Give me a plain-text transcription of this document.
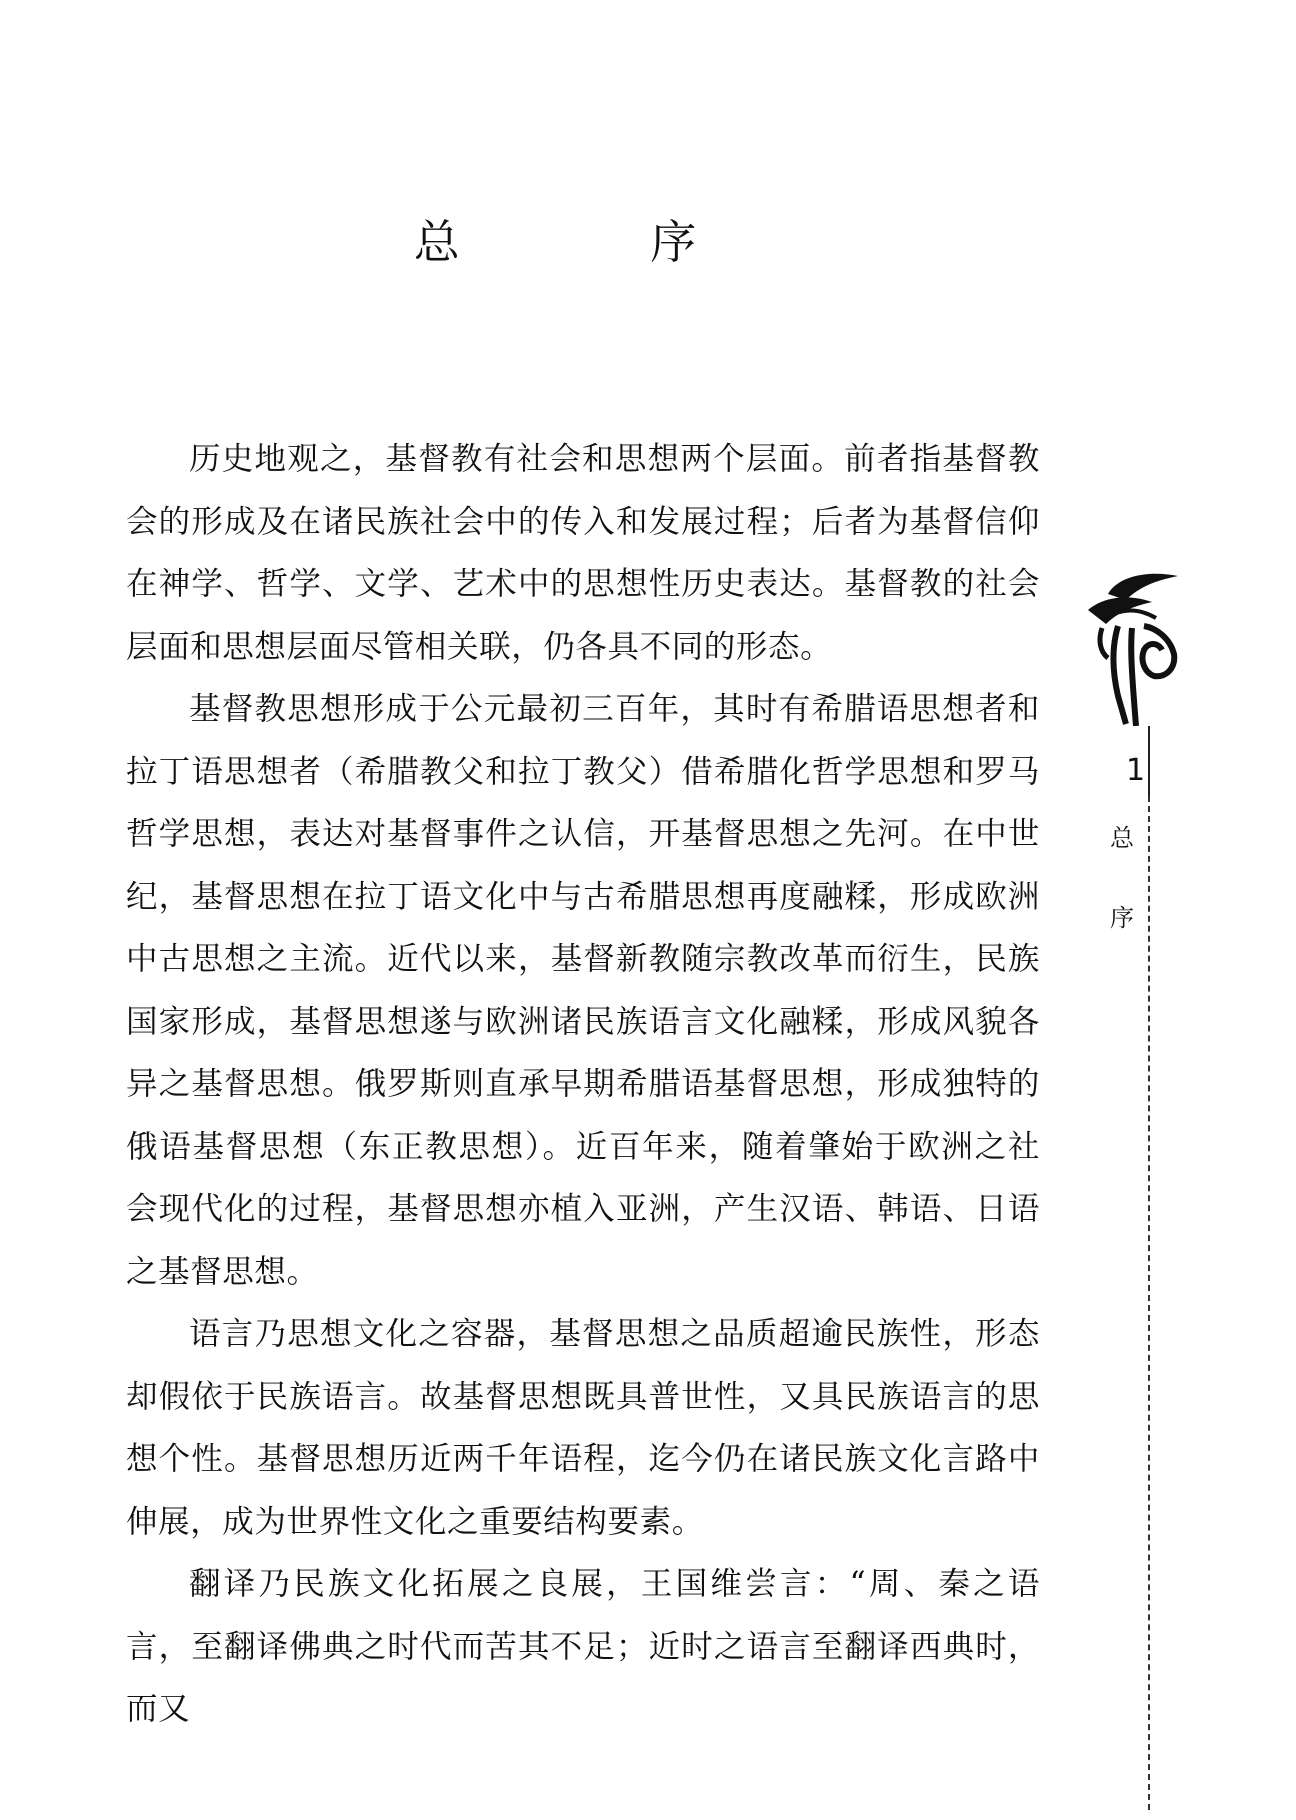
总 序

历史地观之，基督教有社会和思想两个层面。前者指基督教会的形成及在诸民族社会中的传入和发展过程；后者为基督信仰在神学、哲学、文学、艺术中的思想性历史表达。基督教的社会层面和思想层面尽管相关联，仍各具不同的形态。

基督教思想形成于公元最初三百年，其时有希腊语思想者和拉丁语思想者（希腊教父和拉丁教父）借希腊化哲学思想和罗马哲学思想，表达对基督事件之认信，开基督思想之先河。在中世纪，基督思想在拉丁语文化中与古希腊思想再度融糅，形成欧洲中古思想之主流。近代以来，基督新教随宗教改革而衍生，民族国家形成，基督思想遂与欧洲诸民族语言文化融糅，形成风貌各异之基督思想。俄罗斯则直承早期希腊语基督思想，形成独特的俄语基督思想（东正教思想）。近百年来，随着肇始于欧洲之社会现代化的过程，基督思想亦植入亚洲，产生汉语、韩语、日语之基督思想。

语言乃思想文化之容器，基督思想之品质超逾民族性，形态却假依于民族语言。故基督思想既具普世性，又具民族语言的思想个性。基督思想历近两千年语程，迄今仍在诸民族文化言路中伸展，成为世界性文化之重要结构要素。

翻译乃民族文化拓展之良展，王国维尝言：“周、秦之语言，至翻译佛典之时代而苦其不足；近时之语言至翻译西典时，而又

1
总
序
